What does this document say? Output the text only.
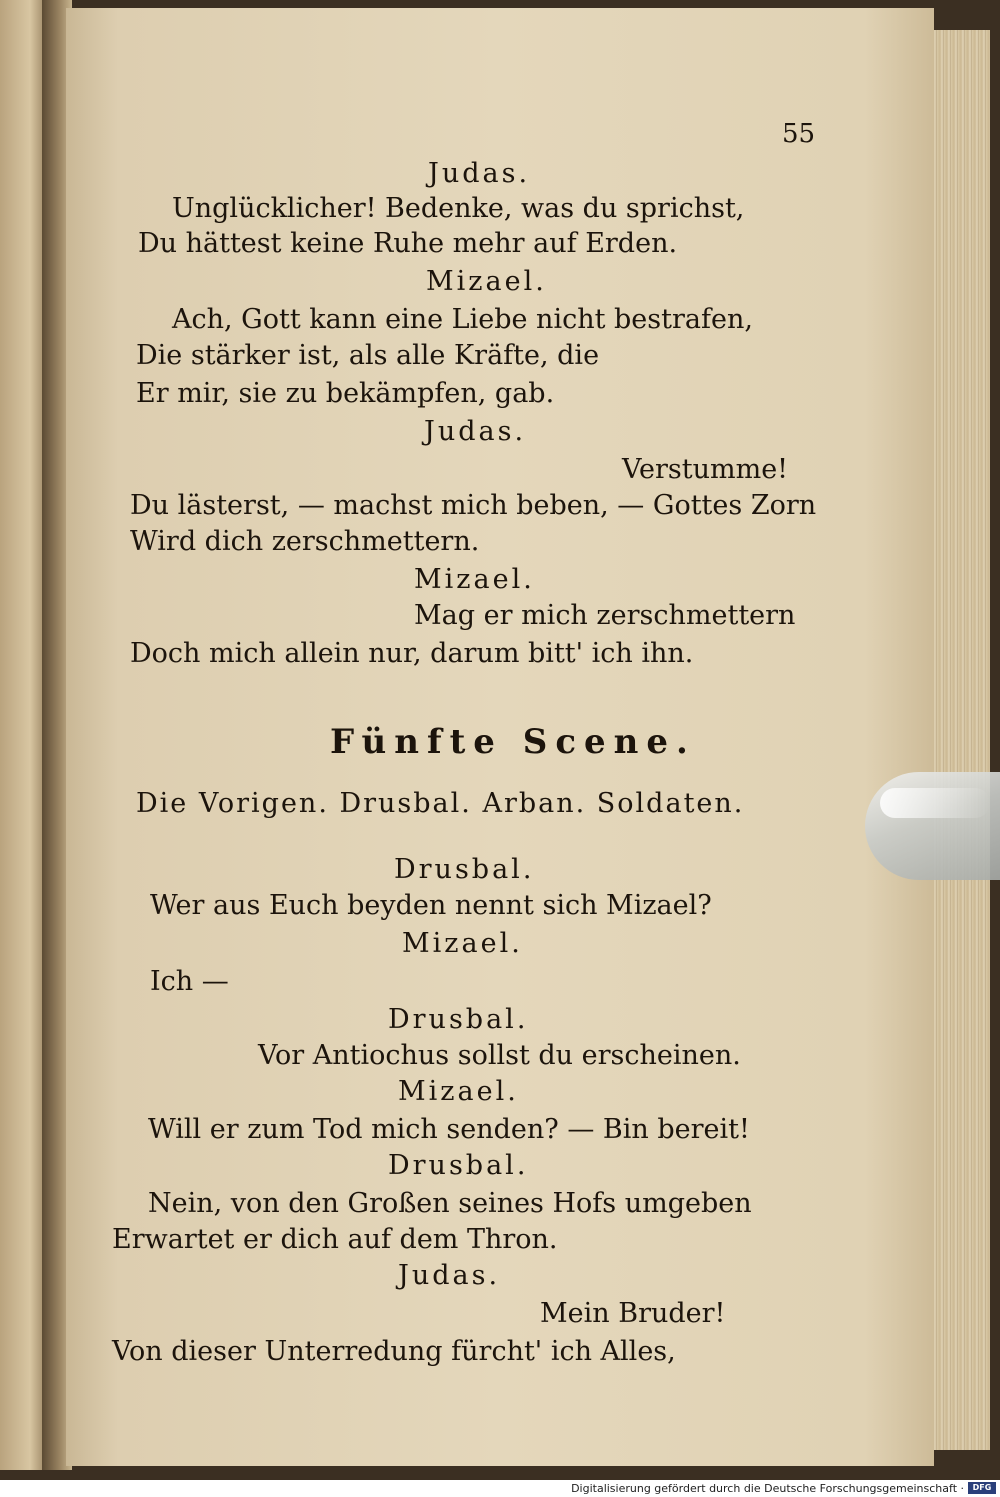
55
Judas.
Unglücklicher! Bedenke, was du sprichst,
Du hättest keine Ruhe mehr auf Erden.
Mizael.
Ach, Gott kann eine Liebe nicht bestrafen,
Die stärker ist, als alle Kräfte, die
Er mir, sie zu bekämpfen, gab.
Judas.
Verstumme!
Du lästerst, — machst mich beben, — Gottes Zorn
Wird dich zerschmettern.
Mizael.
Mag er mich zerschmettern
Doch mich allein nur, darum bitt' ich ihn.
Fünfte Scene.
Die Vorigen. Drusbal. Arban. Soldaten.
Drusbal.
Wer aus Euch beyden nennt sich Mizael?
Mizael.
Ich —
Drusbal.
Vor Antiochus sollst du erscheinen.
Mizael.
Will er zum Tod mich senden? — Bin bereit!
Drusbal.
Nein, von den Großen seines Hofs umgeben
Erwartet er dich auf dem Thron.
Judas.
Mein Bruder!
Von dieser Unterredung fürcht' ich Alles,
Digitalisierung gefördert durch die Deutsche Forschungsgemeinschaft ·	DFG
